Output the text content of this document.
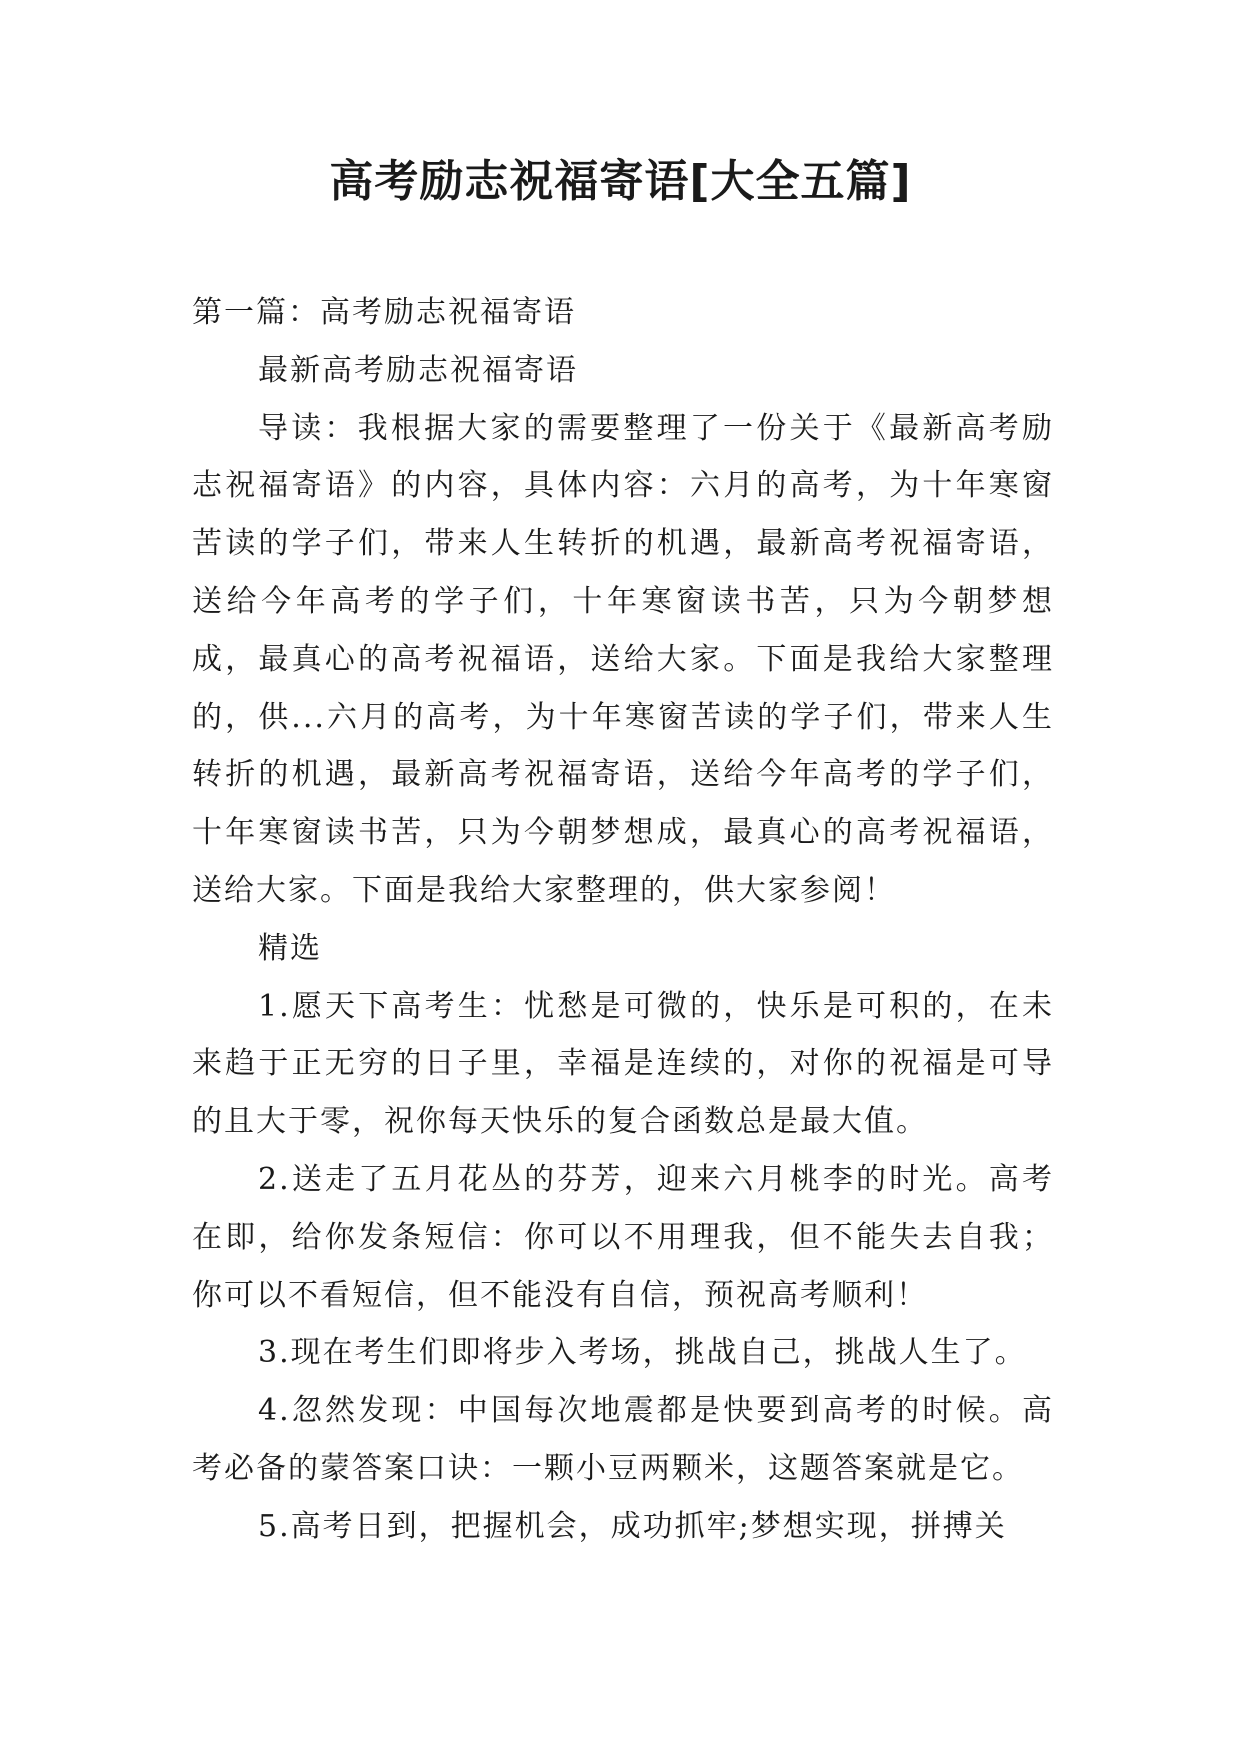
高考励志祝福寄语[大全五篇]

第一篇：高考励志祝福寄语

最新高考励志祝福寄语

导读：我根据大家的需要整理了一份关于《最新高考励志祝福寄语》的内容，具体内容：六月的高考，为十年寒窗苦读的学子们，带来人生转折的机遇，最新高考祝福寄语，送给今年高考的学子们，十年寒窗读书苦，只为今朝梦想成，最真心的高考祝福语，送给大家。下面是我给大家整理的，供...六月的高考，为十年寒窗苦读的学子们，带来人生转折的机遇，最新高考祝福寄语，送给今年高考的学子们，十年寒窗读书苦，只为今朝梦想成，最真心的高考祝福语，送给大家。下面是我给大家整理的，供大家参阅！

精选

1.愿天下高考生：忧愁是可微的，快乐是可积的，在未来趋于正无穷的日子里，幸福是连续的，对你的祝福是可导的且大于零，祝你每天快乐的复合函数总是最大值。

2.送走了五月花丛的芬芳，迎来六月桃李的时光。高考在即，给你发条短信：你可以不用理我，但不能失去自我；你可以不看短信，但不能没有自信，预祝高考顺利！

3.现在考生们即将步入考场，挑战自己，挑战人生了。

4.忽然发现：中国每次地震都是快要到高考的时候。高考必备的蒙答案口诀：一颗小豆两颗米，这题答案就是它。

5.高考日到，把握机会，成功抓牢;梦想实现，拼搏关
